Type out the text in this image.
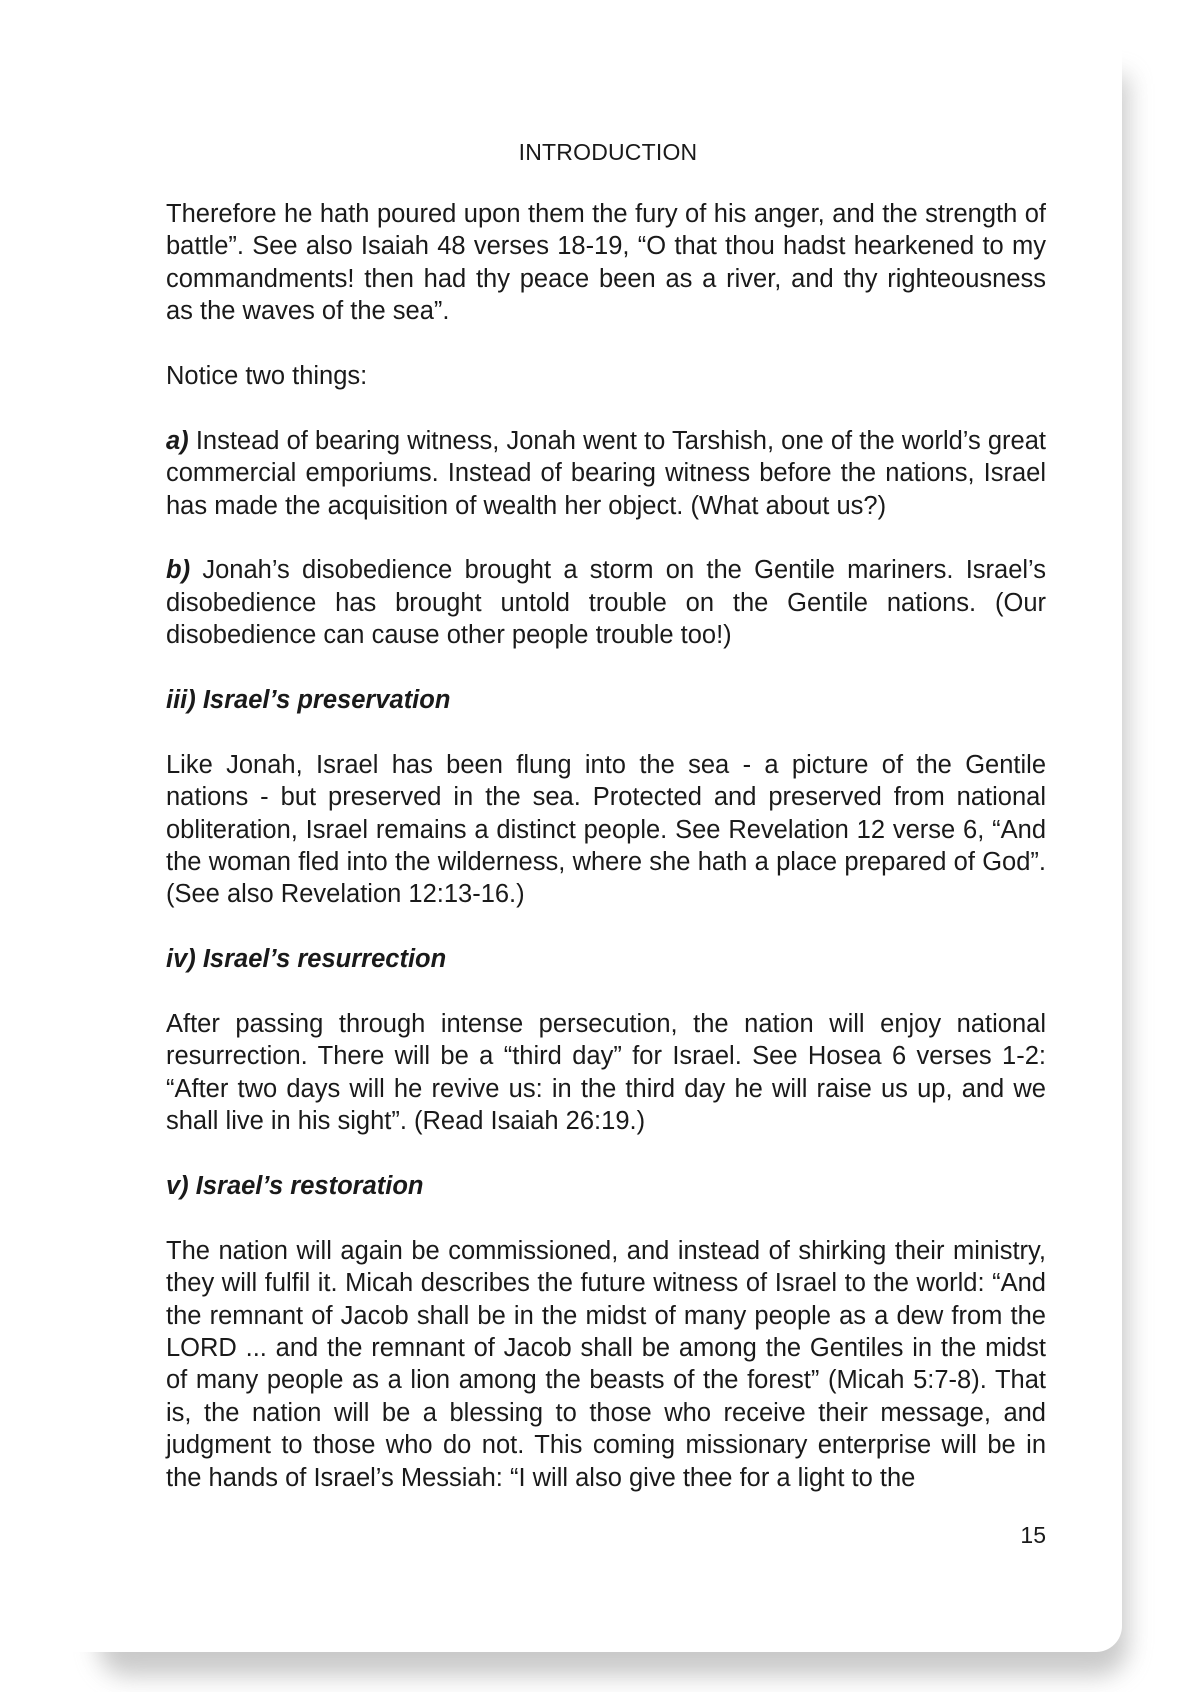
INTRODUCTION

Therefore he hath poured upon them the fury of his anger, and the strength of battle”. See also Isaiah 48 verses 18-19, “O that thou hadst hearkened to my commandments! then had thy peace been as a river, and thy righteousness as the waves of the sea”.

Notice two things:

a) Instead of bearing witness, Jonah went to Tarshish, one of the world’s great commercial emporiums. Instead of bearing witness before the nations, Israel has made the acquisition of wealth her object. (What about us?)

b) Jonah’s disobedience brought a storm on the Gentile mariners. Israel’s disobedience has brought untold trouble on the Gentile nations. (Our disobedience can cause other people trouble too!)

iii) Israel’s preservation

Like Jonah, Israel has been flung into the sea - a picture of the Gentile nations - but preserved in the sea. Protected and preserved from national obliteration, Israel remains a distinct people. See Revelation 12 verse 6, “And the woman fled into the wilderness, where she hath a place prepared of God”. (See also Revelation 12:13-16.)

iv) Israel’s resurrection

After passing through intense persecution, the nation will enjoy national resurrection. There will be a “third day” for Israel. See Hosea 6 verses 1-2: “After two days will he revive us: in the third day he will raise us up, and we shall live in his sight”. (Read Isaiah 26:19.)

v) Israel’s restoration

The nation will again be commissioned, and instead of shirking their ministry, they will fulfil it. Micah describes the future witness of Israel to the world: “And the remnant of Jacob shall be in the midst of many people as a dew from the LORD ... and the remnant of Jacob shall be among the Gentiles in the midst of many people as a lion among the beasts of the forest” (Micah 5:7-8). That is, the nation will be a blessing to those who receive their message, and judgment to those who do not. This coming missionary enterprise will be in the hands of Israel’s Messiah: “I will also give thee for a light to the

15
